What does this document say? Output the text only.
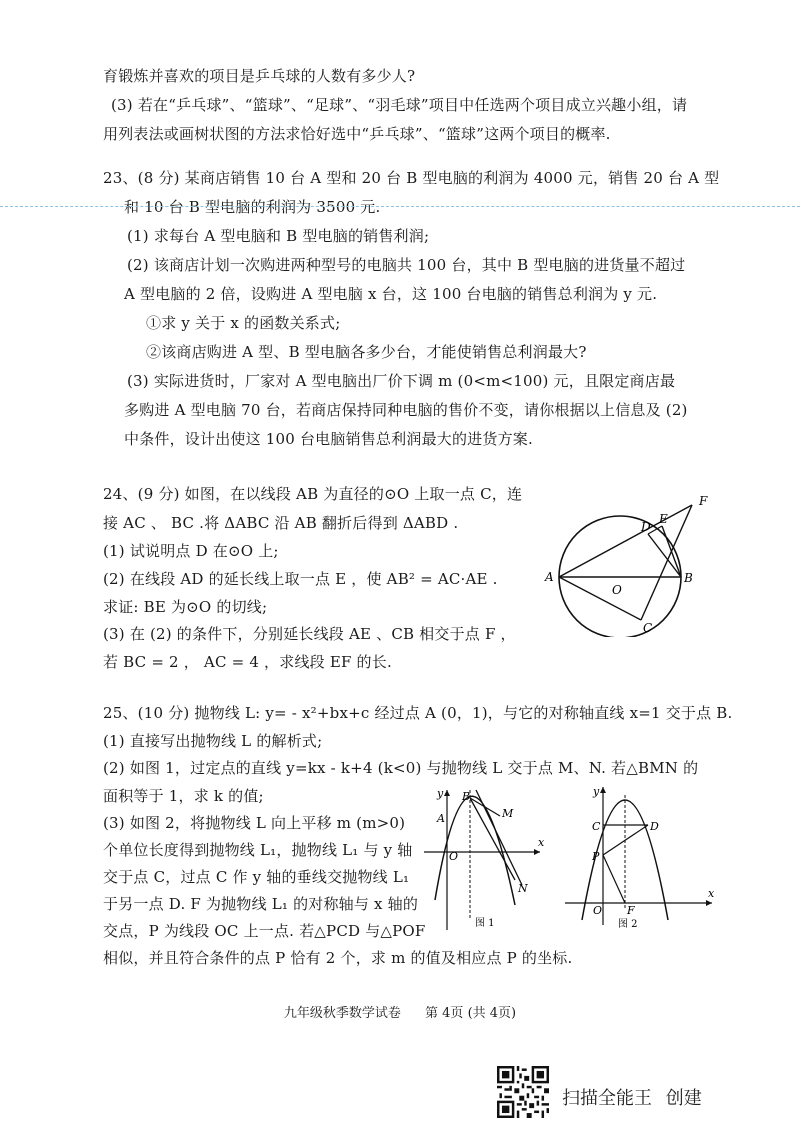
育锻炼并喜欢的项目是乒乓球的人数有多少人?
(3) 若在“乒乓球”、“篮球”、“足球”、“羽毛球”项目中任选两个项目成立兴趣小组，请
用列表法或画树状图的方法求恰好选中“乒乓球”、“篮球”这两个项目的概率.
23、(8 分) 某商店销售 10 台 A 型和 20 台 B 型电脑的利润为 4000 元，销售 20 台 A 型
和 10 台 B 型电脑的利润为 3500 元.
(1) 求每台 A 型电脑和 B 型电脑的销售利润;
(2) 该商店计划一次购进两种型号的电脑共 100 台，其中 B 型电脑的进货量不超过
A 型电脑的 2 倍，设购进 A 型电脑 x 台，这 100 台电脑的销售总利润为 y 元.
①求 y 关于 x 的函数关系式;
②该商店购进 A 型、B 型电脑各多少台，才能使销售总利润最大?
(3) 实际进货时，厂家对 A 型电脑出厂价下调 m (0<m<100) 元，且限定商店最
多购进 A 型电脑 70 台，若商店保持同种电脑的售价不变，请你根据以上信息及 (2)
中条件，设计出使这 100 台电脑销售总利润最大的进货方案.
24、(9 分) 如图，在以线段 AB 为直径的⊙O 上取一点 C，连
接 AC 、 BC .将 ΔABC 沿 AB 翻折后得到 ΔABD .
(1) 试说明点 D 在⊙O 上;
(2) 在线段 AD 的延长线上取一点 E ，使 AB² = AC·AE .
求证: BE 为⊙O 的切线;
(3) 在 (2) 的条件下，分别延长线段 AE 、CB 相交于点 F ，
若 BC = 2 ， AC = 4 ，求线段 EF 的长.
25、(10 分) 抛物线 L: y= - x²+bx+c 经过点 A (0，1)，与它的对称轴直线 x=1 交于点 B.
(1) 直接写出抛物线 L 的解析式;
(2) 如图 1，过定点的直线 y=kx - k+4 (k<0) 与抛物线 L 交于点 M、N. 若△BMN 的
面积等于 1，求 k 的值;
(3) 如图 2，将抛物线 L 向上平移 m (m>0)
个单位长度得到抛物线 L₁，抛物线 L₁ 与 y 轴
交于点 C，过点 C 作 y 轴的垂线交抛物线 L₁
于另一点 D. F 为抛物线 L₁ 的对称轴与 x 轴的
交点，P 为线段 OC 上一点. 若△PCD 与△POF
相似，并且符合条件的点 P 恰有 2 个，求 m 的值及相应点 P 的坐标.
F
D
E
A
O
B
C
y B
M
A
O
x
N
图 1
y
C	D
P
O F
x
图 2
九年级秋季数学试卷 第 4页 (共 4页)
扫描全能王 创建
